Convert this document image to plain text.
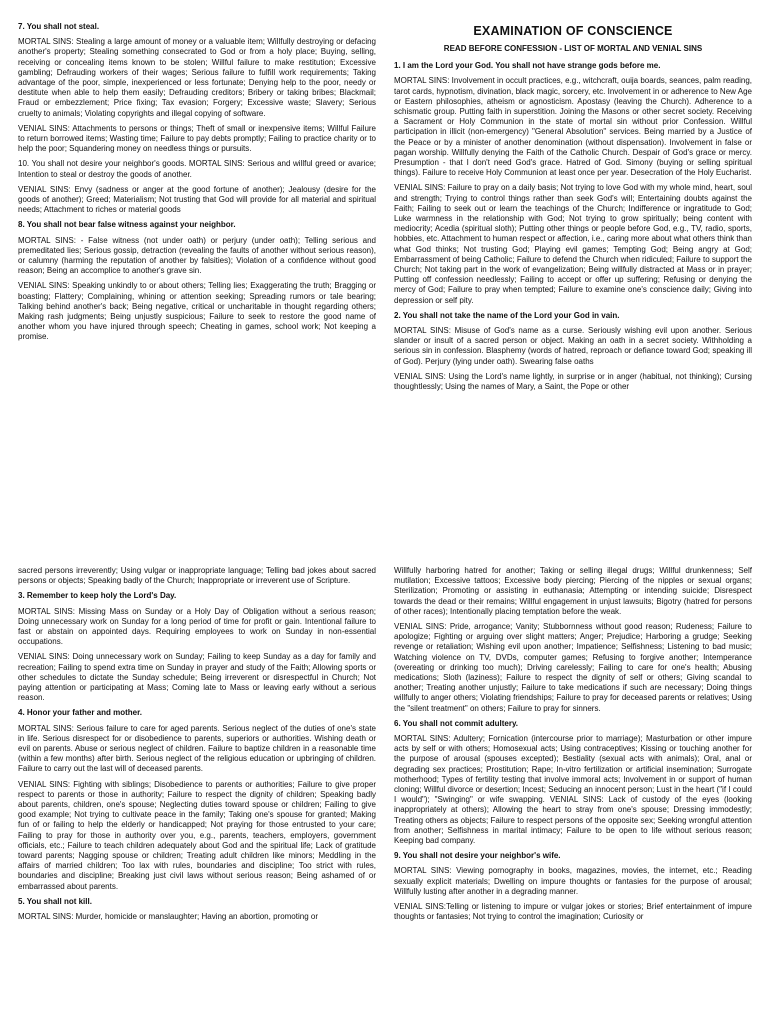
7. You shall not steal.

MORTAL SINS: Stealing a large amount of money or a valuable item; Willfully destroying or defacing another's property; Stealing something consecrated to God or from a holy place; Buying, selling, receiving or concealing items known to be stolen; Willful failure to make restitution; Excessive gambling; Defrauding workers of their wages; Serious failure to fulfill work requirements; Taking advantage of the poor, simple, inexperienced or less fortunate; Denying help to the poor, needy or destitute when able to help them easily; Defrauding creditors; Bribery or taking bribes; Blackmail; Fraud or embezzlement; Price fixing; Tax evasion; Forgery; Excessive waste; Slavery; Serious cruelty to animals; Violating copyrights and illegal copying of software.

VENIAL SINS: Attachments to persons or things; Theft of small or inexpensive items; Willful Failure to return borrowed items; Wasting time; Failure to pay debts promptly; Failing to practice charity or to help the poor; Squandering money on needless things or pursuits.

10. You shall not desire your neighbor's goods. MORTAL SINS: Serious and willful greed or avarice; Intention to steal or destroy the goods of another.

VENIAL SINS: Envy (sadness or anger at the good fortune of another); Jealousy (desire for the goods of another); Greed; Materialism; Not trusting that God will provide for all material and spiritual needs; Attachment to riches or material goods

8. You shall not bear false witness against your neighbor.

MORTAL SINS: - False witness (not under oath) or perjury (under oath); Telling serious and premeditated lies; Serious gossip, detraction (revealing the faults of another without serious reason), or calumny (harming the reputation of another by falsities); Violation of a confidence without good reason; Being an accomplice to another's grave sin.

VENIAL SINS: Speaking unkindly to or about others; Telling lies; Exaggerating the truth; Bragging or boasting; Flattery; Complaining, whining or attention seeking; Spreading rumors or tale bearing; Talking behind another's back; Being negative, critical or uncharitable in thought regarding others; Making rash judgments; Being unjustly suspicious; Failure to seek to restore the good name of another whom you have injured through speech; Cheating in games, school work; Not keeping a promise.

EXAMINATION OF CONSCIENCE
READ BEFORE CONFESSION - LIST OF MORTAL AND VENIAL SINS

1. I am the Lord your God. You shall not have strange gods before me.

MORTAL SINS: Involvement in occult practices, e.g., witchcraft, ouija boards, seances, palm reading, tarot cards, hypnotism, divination, black magic, sorcery, etc. Involvement in or adherence to New Age or Eastern philosophies, atheism or agnosticism. Apostasy (leaving the Church). Adherence to a schismatic group. Putting faith in superstition. Joining the Masons or other secret society. Receiving a Sacrament or Holy Communion in the state of mortal sin without prior Confession. Willful participation in illicit (non-emergency) "General Absolution" services. Being married by a Justice of the Peace or by a minister of another denomination (without dispensation). Involvement in false or pagan worship. Willfully denying the Faith of the Catholic Church. Despair of God's grace or mercy. Presumption - that I don't need God's grace. Hatred of God. Simony (buying or selling spiritual things). Failure to receive Holy Communion at least once per year. Desecration of the Holy Eucharist.

VENIAL SINS: Failure to pray on a daily basis; Not trying to love God with my whole mind, heart, soul and strength; Trying to control things rather than seek God's will; Entertaining doubts against the Faith; Failing to seek out or learn the teachings of the Church; Indifference or ingratitude to God; Luke warmness in the relationship with God; Not trying to grow spiritually; being content with mediocrity; Acedia (spiritual sloth); Putting other things or people before God, e.g., TV, radio, sports, hobbies, etc. Attachment to human respect or affection, i.e., caring more about what others think than what God thinks; Not trusting God; Playing evil games; Tempting God; Being angry at God; Embarrassment of being Catholic; Failure to defend the Church when ridiculed; Failure to support the Church; Not taking part in the work of evangelization; Being willfully distracted at Mass or in prayer; Putting off confession needlessly; Failing to accept or offer up suffering; Refusing or denying the mercy of God; Failure to pray when tempted; Failure to examine one's conscience daily; Giving into depression or self pity.

2. You shall not take the name of the Lord your God in vain.

MORTAL SINS: Misuse of God's name as a curse. Seriously wishing evil upon another. Serious slander or insult of a sacred person or object. Making an oath in a secret society. Withholding a serious sin in confession. Blasphemy (words of hatred, reproach or defiance toward God; speaking ill of God). Perjury (lying under oath). Swearing false oaths

VENIAL SINS: Using the Lord's name lightly, in surprise or in anger (habitual, not thinking); Cursing thoughtlessly; Using the names of Mary, a Saint, the Pope or other

sacred persons irreverently; Using vulgar or inappropriate language; Telling bad jokes about sacred persons or objects; Speaking badly of the Church; Inappropriate or irreverent use of Scripture.

3. Remember to keep holy the Lord's Day.

MORTAL SINS: Missing Mass on Sunday or a Holy Day of Obligation without a serious reason; Doing unnecessary work on Sunday for a long period of time for profit or gain. Intentional failure to fast or abstain on appointed days. Requiring employees to work on Sunday in non-essential occupations.

VENIAL SINS: Doing unnecessary work on Sunday; Failing to keep Sunday as a day for family and recreation; Failing to spend extra time on Sunday in prayer and study of the Faith; Allowing sports or other schedules to dictate the Sunday schedule; Being irreverent or disrespectful in Church; Not paying attention or participating at Mass; Coming late to Mass or leaving early without a serious reason.

4. Honor your father and mother.

MORTAL SINS: Serious failure to care for aged parents. Serious neglect of the duties of one's state in life. Serious disrespect for or disobedience to parents, superiors or authorities. Wishing death or evil on parents. Abuse or serious neglect of children. Failure to baptize children in a reasonable time (within a few months) after birth. Serious neglect of the religious education or upbringing of children. Failure to carry out the last will of deceased parents.

VENIAL SINS: Fighting with siblings; Disobedience to parents or authorities; Failure to give proper respect to parents or those in authority; Failure to respect the dignity of children; Speaking badly about parents, children, one's spouse; Neglecting duties toward spouse or children; Failing to give good example; Not trying to cultivate peace in the family; Taking one's spouse for granted; Making fun of or failing to help the elderly or handicapped; Not praying for those entrusted to your care; Failing to pray for those in authority over you, e.g., parents, teachers, employers, government officials, etc.; Failure to teach children adequately about God and the spiritual life; Lack of gratitude toward parents; Nagging spouse or children; Treating adult children like minors; Meddling in the affairs of married children; Too lax with rules, boundaries and discipline; Too strict with rules, boundaries and discipline; Breaking just civil laws without serious reason; Being ashamed of or embarrassed about parents.

5. You shall not kill.

MORTAL SINS: Murder, homicide or manslaughter; Having an abortion, promoting or

Willfully harboring hatred for another; Taking or selling illegal drugs; Willful drunkenness; Self mutilation; Excessive tattoos; Excessive body piercing; Piercing of the nipples or sexual organs; Sterilization; Promoting or assisting in euthanasia; Attempting or intending suicide; Disrespect towards the dead or their remains; Willful engagement in unjust lawsuits; Bigotry (hatred for persons of other races); Intentionally placing temptation before the weak.

VENIAL SINS: Pride, arrogance; Vanity; Stubbornness without good reason; Rudeness; Failure to apologize; Fighting or arguing over slight matters; Anger; Prejudice; Harboring a grudge; Seeking revenge or retaliation; Wishing evil upon another; Impatience; Selfishness; Listening to bad music; Watching violence on TV, DVDs, computer games; Refusing to forgive another; Intemperance (overeating or drinking too much); Driving carelessly; Failing to care for one's health; Abusing medications; Sloth (laziness); Failure to respect the dignity of self or others; Giving scandal to another; Treating another unjustly; Failure to take medications if such are necessary; Doing things willfully to anger others; Violating friendships; Failure to pray for deceased parents or relatives; Using the "silent treatment" on others; Failure to pray for sinners.

6. You shall not commit adultery.

MORTAL SINS: Adultery; Fornication (intercourse prior to marriage); Masturbation or other impure acts by self or with others; Homosexual acts; Using contraceptives; Kissing or touching another for the purpose of arousal (spouses excepted); Bestiality (sexual acts with animals); Oral, anal or degrading sex practices; Prostitution; Rape; In-vitro fertilization or artificial insemination; Surrogate motherhood; Types of fertility testing that involve immoral acts; Involvement in or support of human cloning; Willful divorce or desertion; Incest; Seducing an innocent person; Lust in the heart ("if I could I would"); "Swinging" or wife swapping. VENIAL SINS: Lack of custody of the eyes (looking inappropriately at others); Allowing the heart to stray from one's spouse; Dressing immodestly; Treating others as objects; Failure to respect persons of the opposite sex; Seeking wrongful attention from another; Selfishness in marital intimacy; Failure to be open to life without serious reason; Keeping bad company.

9. You shall not desire your neighbor's wife.

MORTAL SINS: Viewing pornography in books, magazines, movies, the internet, etc.; Reading sexually explicit materials; Dwelling on impure thoughts or fantasies for the purpose of arousal; Willfully lusting after another in a degrading manner.

VENIAL SINS:Telling or listening to impure or vulgar jokes or stories; Brief entertainment of impure thoughts or fantasies; Not trying to control the imagination; Curiosity or
